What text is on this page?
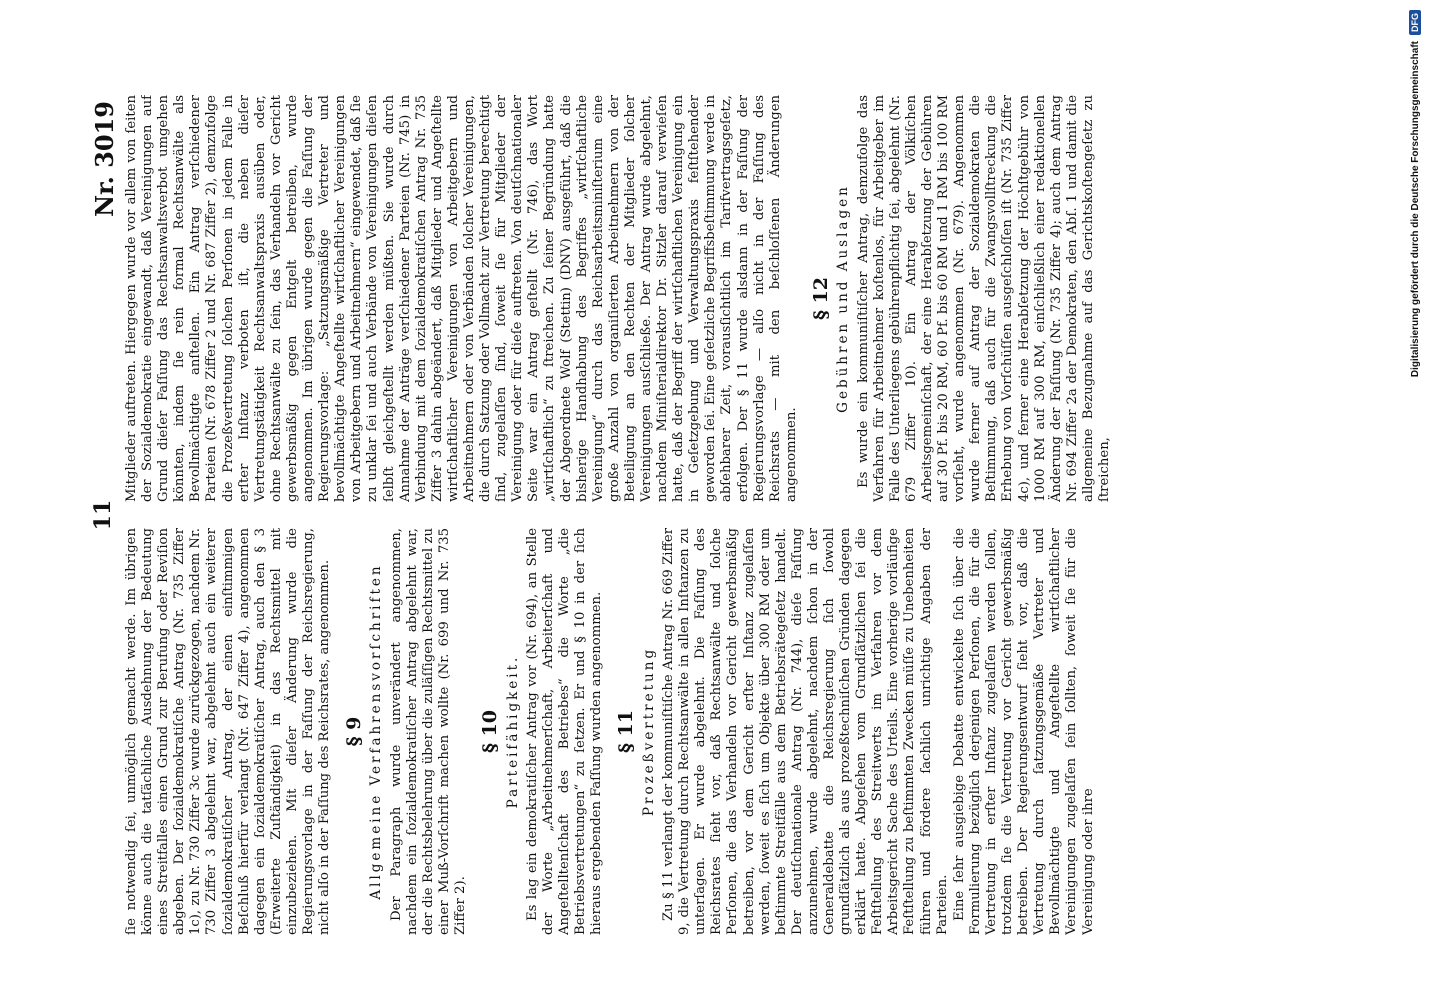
11
Nr. 3019

ſie notwendig ſei, unmöglich gemacht werde. Im übrigen könne auch die tatſächliche Ausdehnung der Bedeutung eines Streitfalles einen Grund zur Berufung oder Reviſion abgeben. Der ſozialdemokratiſche Antrag (Nr. 735 Ziffer 1c), zu Nr. 730 Ziffer 3c wurde zurückgezogen, nachdem Nr. 730 Ziffer 3 abgelehnt war, abgelehnt auch ein weiterer ſozialdemokratiſcher Antrag, der einen einſtimmigen Beſchluß hierfür verlangt (Nr. 647 Ziffer 4), angenommen dagegen ein ſozialdemokratiſcher Antrag, auch den § 3 (Erweiterte Zuſtändigkeit) in das Rechtsmittel mit einzubeziehen. Mit dieſer Änderung wurde die Regierungsvorlage in der Faſſung der Reichsregierung, nicht alſo in der Faſſung des Reichsrates, angenommen. § 9 Allgemeine Verfahrensvorſchriften Der Paragraph wurde unverändert angenommen, nachdem ein ſozialdemokratiſcher Antrag abgelehnt war, der die Rechtsbelehrung über die zuläſſigen Rechtsmittel zu einer Muß-Vorſchrift machen wollte (Nr. 699 und Nr. 735 Ziffer 2).

§ 10 Parteifähigkeit. Es lag ein demokratiſcher Antrag vor (Nr. 694), an Stelle der Worte „Arbeitnehmerſchaft, Arbeiterſchaft und Angeſtelltenſchaft des Betriebes“ die Worte „die Betriebsvertretungen“ zu ſetzen. Er und § 10 in der ſich hieraus ergebenden Faſſung wurden angenommen. § 11 Prozeßvertretung Zu § 11 verlangt der kommuniſtiſche Antrag Nr. 669 Ziffer 9, die Vertretung durch Rechtsanwälte in allen Inſtanzen zu unterſagen. Er wurde abgelehnt. Die Faſſung des Reichsrates ſieht vor, daß Rechtsanwälte und ſolche Perſonen, die das Verhandeln vor Gericht gewerbsmäßig betreiben, vor dem Gericht erſter Inſtanz zugelaſſen werden, ſoweit es ſich um Objekte über 300 RM oder um beſtimmte Streitfälle aus dem Betriebsrätegeſetz handelt. Der deutſchnationale Antrag (Nr. 744), dieſe Faſſung anzunehmen, wurde abgelehnt, nachdem ſchon in der Generaldebatte die Reichsregierung ſich ſowohl grundſätzlich als aus prozeßtechniſchen Gründen dagegen erklärt hatte. Abgeſehen vom Grundſätzlichen ſei die Feſtſtellung des Streitwerts im Verfahren vor dem Arbeitsgericht Sache des Urteils. Eine vorherige vorläufige Feſtſtellung zu beſtimmten Zwecken müſſe zu Unebenheiten führen und fördere ſachlich unrichtige Angaben der Parteien. Eine ſehr ausgiebige Debatte entwickelte ſich über die Formulierung bezüglich derjenigen Perſonen, die für die Vertretung in erſter Inſtanz zugelaſſen werden ſollen, trotzdem ſie die Vertretung vor Gericht gewerbsmäßig betreiben. Der Regierungsentwurf ſieht vor, daß die Vertretung durch ſatzungsgemäße Vertreter und Bevollmächtigte und Angeſtellte wirtſchaftlicher Vereinigungen zugelaſſen ſein ſollten, ſoweit ſie für die Vereinigung oder ihre

Mitglieder auftreten. Hiergegen wurde vor allem von ſeiten der Sozialdemokratie eingewandt, daß Vereinigungen auf Grund dieſer Faſſung das Rechtsanwaltsverbot umgehen könnten, indem ſie rein formal Rechtsanwälte als Bevollmächtigte anſtellen. Ein Antrag verſchiedener Parteien (Nr. 678 Ziffer 2 und Nr. 687 Ziffer 2), demzufolge die Prozeßvertretung ſolchen Perſonen in jedem Falle in erſter Inſtanz verboten iſt, die neben dieſer Vertretungstätigkeit Rechtsanwaltspraxis ausüben oder, ohne Rechtsanwälte zu ſein, das Verhandeln vor Gericht gewerbsmäßig gegen Entgelt betreiben, wurde angenommen. Im übrigen wurde gegen die Faſſung der Regierungsvorlage: „Satzungsmäßige Vertreter und bevollmächtigte Angeſtellte wirtſchaftlicher Vereinigungen von Arbeitgebern und Arbeitnehmern“ eingewendet, daß ſie zu unklar ſei und auch Verbände von Vereinigungen dieſen ſelbſt gleichgeſtellt werden müßten. Sie wurde durch Annahme der Anträge verſchiedener Parteien (Nr. 745) in Verbindung mit dem ſozialdemokratiſchen Antrag Nr. 735 Ziffer 3 dahin abgeändert, daß Mitglieder und Angeſtellte wirtſchaftlicher Vereinigungen von Arbeitgebern und Arbeitnehmern oder von Verbänden ſolcher Vereinigungen, die durch Satzung oder Vollmacht zur Vertretung berechtigt ſind, zugelaſſen ſind, ſoweit ſie für Mitglieder der Vereinigung oder für dieſe auftreten. Von deutſchnationaler Seite war ein Antrag geſtellt (Nr. 746), das Wort „wirtſchaftlich“ zu ſtreichen. Zu ſeiner Begründung hatte der Abgeordnete Wolf (Stettin) (DNV) ausgeführt, daß die bisherige Handhabung des Begriffes „wirtſchaftliche Vereinigung“ durch das Reichsarbeitsminiſterium eine große Anzahl von organiſierten Arbeitnehmern von der Beteiligung an den Rechten der Mitglieder ſolcher Vereinigungen ausſchließe. Der Antrag wurde abgelehnt, nachdem Miniſterialdirektor Dr. Sitzler darauf verwieſen hatte, daß der Begriff der wirtſchaftlichen Vereinigung ein in Geſetzgebung und Verwaltungspraxis feſtſtehender geworden ſei. Eine geſetzliche Begriffsbeſtimmung werde in abſehbarer Zeit, vorausſichtlich im Tarifvertragsgeſetz, erfolgen. Der § 11 wurde alsdann in der Faſſung der Regierungsvorlage — alſo nicht in der Faſſung des Reichsrats — mit den beſchloſſenen Änderungen angenommen.

§ 12 Gebühren und Auslagen Es wurde ein kommuniſtiſcher Antrag, demzufolge das Verfahren für Arbeitnehmer koſtenlos, für Arbeitgeber im Falle des Unterliegens gebührenpflichtig ſei, abgelehnt (Nr. 679 Ziffer 10). Ein Antrag der Völkiſchen Arbeitsgemeinſchaft, der eine Herabſetzung der Gebühren auf 30 Pf. bis 20 RM, 60 Pf. bis 60 RM und 1 RM bis 100 RM vorſieht, wurde angenommen (Nr. 679). Angenommen wurde ferner auf Antrag der Sozialdemokraten die Beſtimmung, daß auch für die Zwangsvollſtreckung die Erhebung von Vorſchüſſen ausgeſchloſſen iſt (Nr. 735 Ziffer 4c), und ferner eine Herabſetzung der Höchſtgebühr von 1000 RM auf 300 RM, einſchließlich einer redaktionellen Änderung der Faſſung (Nr. 735 Ziffer 4); auch dem Antrag Nr. 694 Ziffer 2a der Demokraten, den Abſ. 1 und damit die allgemeine Bezugnahme auf das Gerichtskoſtengeſetz zu ſtreichen,

Digitalisierung gefördert durch die Deutsche Forschungsgemeinschaft
DFG
